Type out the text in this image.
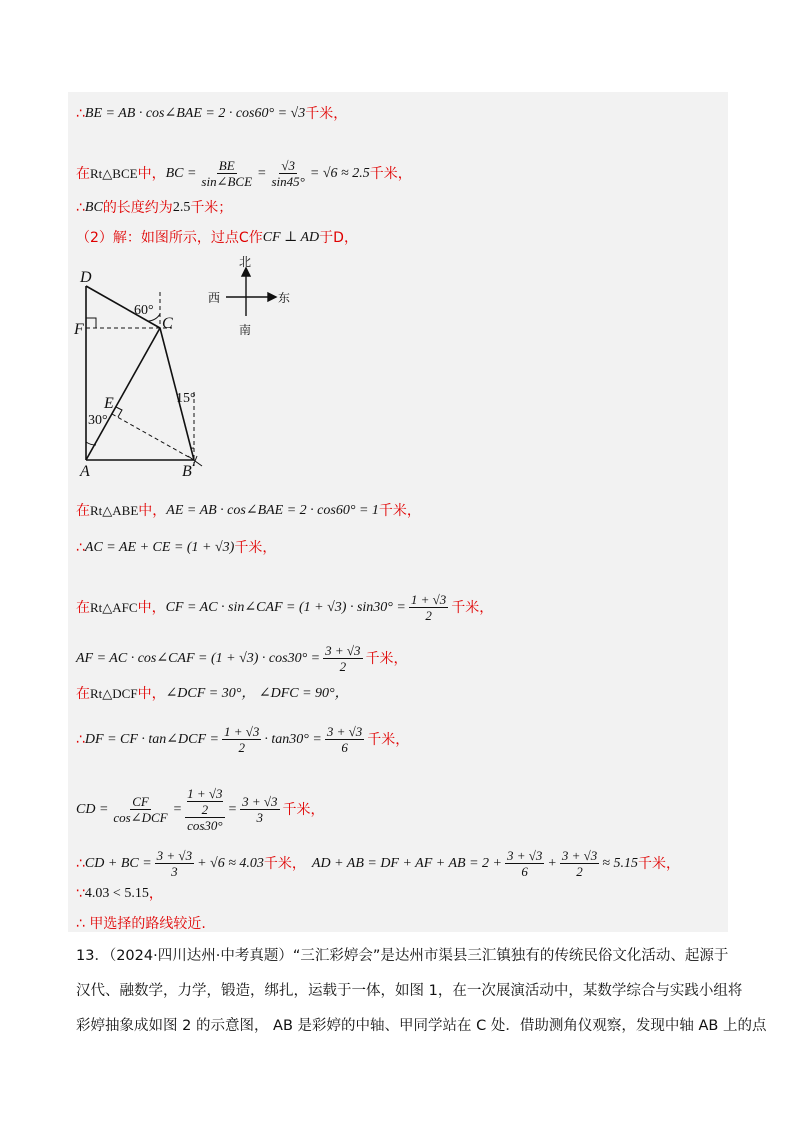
∴ BE = AB · cos∠BAE = 2 · cos60° = √3 千米，
在 Rt△BCE 中， BC = $\frac{BE}{\text{sin∠BCE}} = \frac{√3}{\sin 45^\circ} = √6 \approx 2.5$ 千米，
∴ BC 的长度约为 2.5 千米；
（2）解：如图所示，过点 C 作 CF ⊥ AD 于 D ，
D
F	C
E
A	B
60°
30°
15°
北
南
西	东
在 Rt△ABE 中， AE = AB · cos∠BAE = 2 · cos60° = 1 千米，
∴ AC = AE + CE = (1 + √3) 千米，
在 Rt△AFC 中， CF = AC · sin∠CAF = $(1 + √3) \cdot \sin 30^\circ = \frac{1 + √3}{2}$ 千米，
AF = AC · cos∠CAF = $(1 + √3) \cdot \cos 30^\circ = \frac{3 + √3}{2}$ 千米，
在 Rt△DCF 中， ∠DCF = 30°， ∠DFC = 90°，
∴ DF = CF · tan∠DCF = $\frac{1 + √3}{2} \cdot \tan 30^\circ = \frac{3 + √3}{6}$ 千米，
CD = $\frac{CF}{\text{cos∠DCF}} = 1 + √3$
2
$\cos 30^\circ = \frac{3 + √3}{3}$ 千米，
∴ CD + BC = $\frac{3 + √3}{3} + √6 \approx 4.03$ 千米， AD + AB = DF + AF + AB = $2 + \frac{3 + √3}{6} + \frac{3 + √3}{2} \approx 5.15$ 千米，
∵ 4.03 < 5.15 ，
∴ 甲选择的路线较近.
13．（2024·四川达州·中考真题）“三汇彩婷会”是达州市渠县三汇镇独有的传统民俗文化活动、起源于
汉代、融数学，力学，锻造，绑扎，运载于一体，如图 1，在一次展演活动中，某数学综合与实践小组将
彩婷抽象成如图 2 的示意图， AB 是彩婷的中轴、甲同学站在 C 处．借助测角仪观察，发现中轴 AB 上的点
